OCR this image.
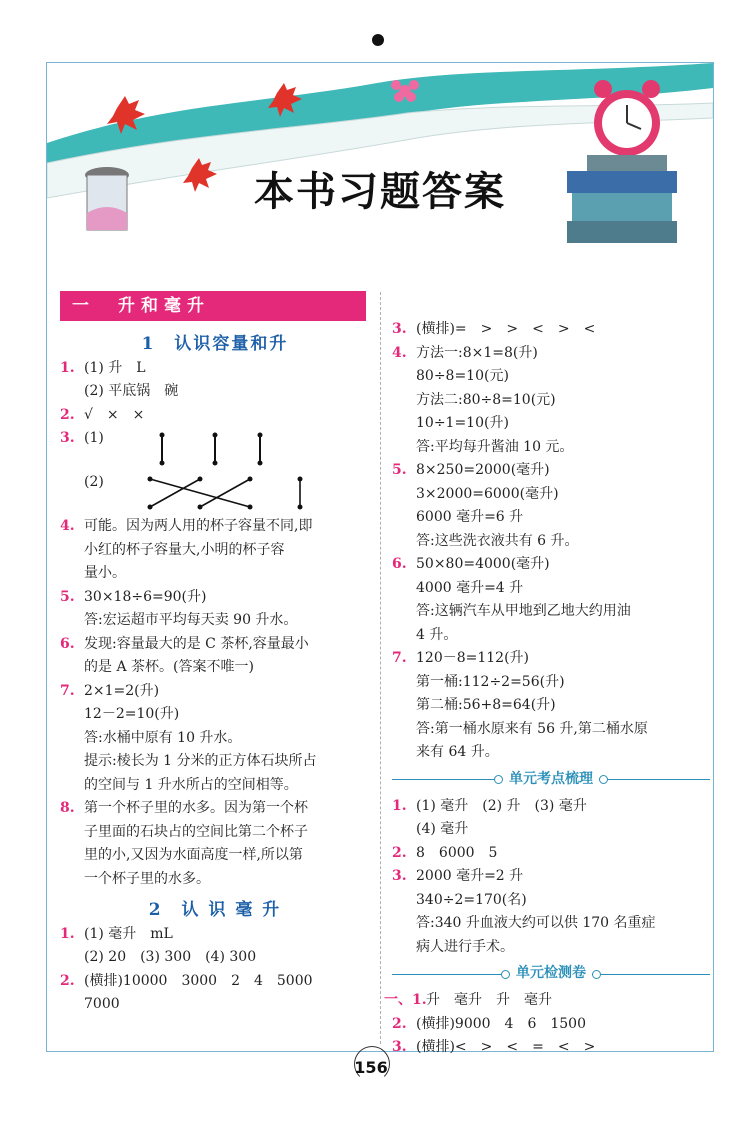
本书习题答案
一　升和毫升
1　认识容量和升
1. (1) 升　L
(2) 平底锅　碗
2. √　×　×
3. (1)
(2)
4. 可能。因为两人用的杯子容量不同,即
小红的杯子容量大,小明的杯子容
量小。
5. 30×18÷6=90(升)
答:宏运超市平均每天卖 90 升水。
6. 发现:容量最大的是 C 茶杯,容量最小
的是 A 茶杯。(答案不唯一)
7. 2×1=2(升)
12－2=10(升)
答:水桶中原有 10 升水。
提示:棱长为 1 分米的正方体石块所占
的空间与 1 升水所占的空间相等。
8. 第一个杯子里的水多。因为第一个杯
子里面的石块占的空间比第二个杯子
里的小,又因为水面高度一样,所以第
一个杯子里的水多。
2　认 识 毫 升
1. (1) 毫升　mL
(2) 20　(3) 300　(4) 300
2. (横排)10000　3000　2　4　5000
7000
3. (横排)=　>　>　<　>　<
4. 方法一:8×1=8(升)
80÷8=10(元)
方法二:80÷8=10(元)
10÷1=10(升)
答:平均每升酱油 10 元。
5. 8×250=2000(毫升)
3×2000=6000(毫升)
6000 毫升=6 升
答:这些洗衣液共有 6 升。
6. 50×80=4000(毫升)
4000 毫升=4 升
答:这辆汽车从甲地到乙地大约用油
4 升。
7. 120－8=112(升)
第一桶:112÷2=56(升)
第二桶:56+8=64(升)
答:第一桶水原来有 56 升,第二桶水原
来有 64 升。
单元考点梳理
1. (1) 毫升　(2) 升　(3) 毫升
(4) 毫升
2. 8　6000　5
3. 2000 毫升=2 升
340÷2=170(名)
答:340 升血液大约可以供 170 名重症
病人进行手术。
单元检测卷
一、1. 升　毫升　升　毫升
2. (横排)9000　4　6　1500
3. (横排)<　>　<　=　<　>
156
